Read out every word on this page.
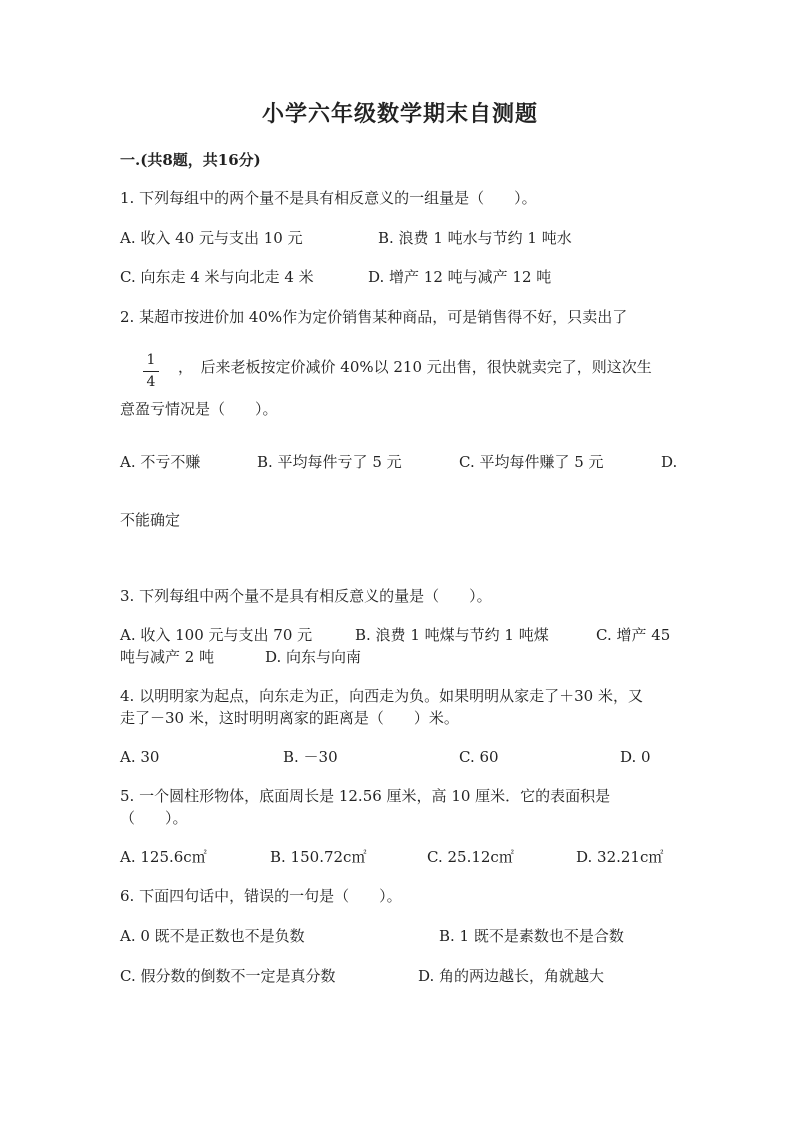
小学六年级数学期末自测题
一.(共8题，共16分)
1. 下列每组中的两个量不是具有相反意义的一组量是（　　）。
A. 收入 40 元与支出 10 元	B. 浪费 1 吨水与节约 1 吨水
C. 向东走 4 米与向北走 4 米	D. 增产 12 吨与减产 12 吨
2. 某超市按进价加 40%作为定价销售某种商品，可是销售得不好，只卖出了
1
4
，　后来老板按定价减价 40%以 210 元出售，很快就卖完了，则这次生
意盈亏情况是（　　）。
A. 不亏不赚	B. 平均每件亏了 5 元	C. 平均每件赚了 5 元	D.
不能确定
3. 下列每组中两个量不是具有相反意义的量是（　　）。
A. 收入 100 元与支出 70 元	B. 浪费 1 吨煤与节约 1 吨煤	C. 增产 45
吨与减产 2 吨	D. 向东与向南
4. 以明明家为起点，向东走为正，向西走为负。如果明明从家走了＋30 米，又
走了－30 米，这时明明离家的距离是（　　）米。
A. 30	B. －30	C. 60	D. 0
5. 一个圆柱形物体，底面周长是 12.56 厘米，高 10 厘米．它的表面积是
（　　）。
A. 125.6c㎡	B. 150.72c㎡	C. 25.12c㎡	D. 32.21c㎡
6. 下面四句话中，错误的一句是（　　）。
A. 0 既不是正数也不是负数	B. 1 既不是素数也不是合数
C. 假分数的倒数不一定是真分数	D. 角的两边越长，角就越大
